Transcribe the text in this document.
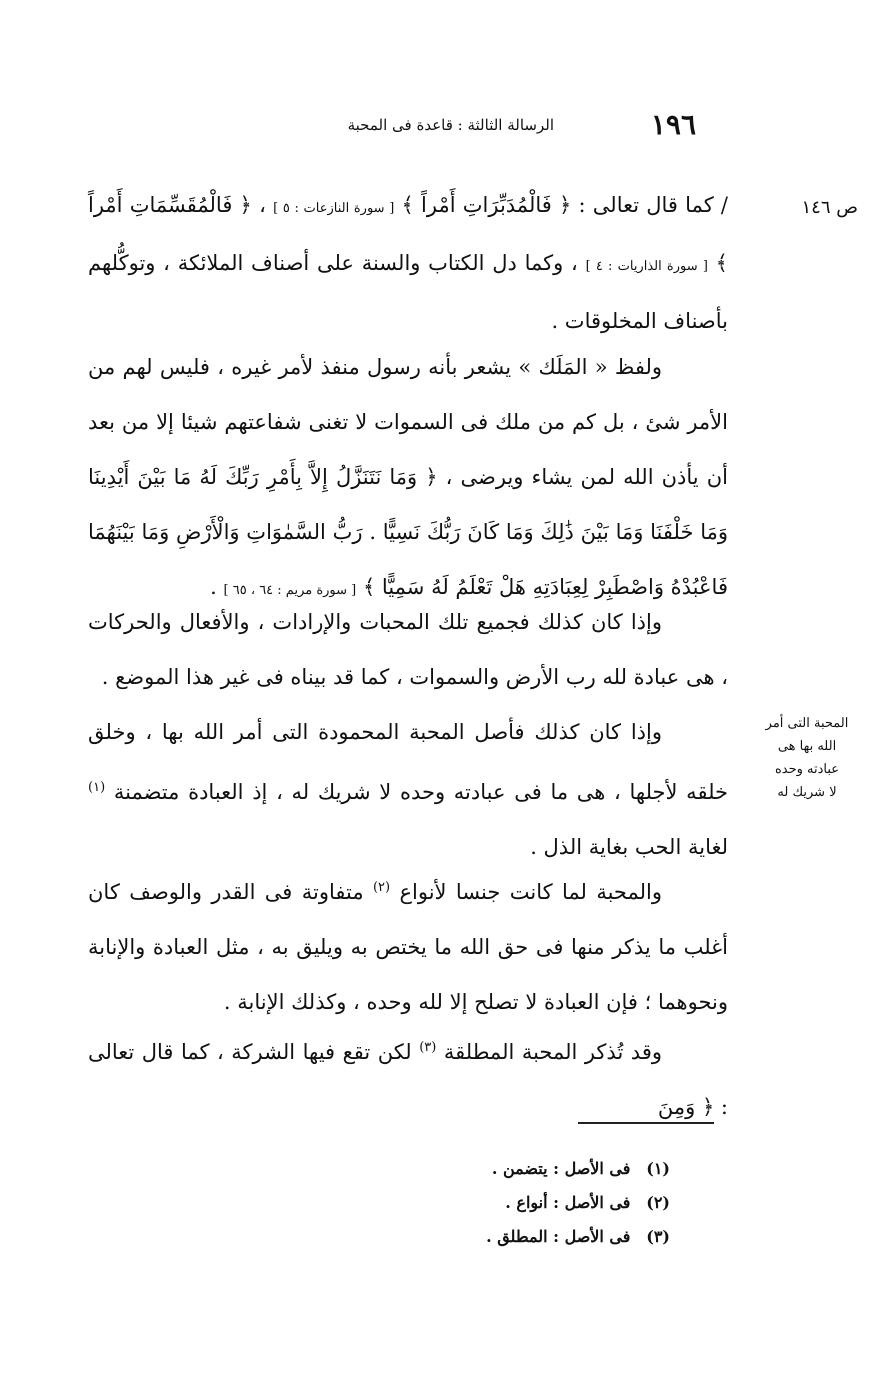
١٩٦
الرسالة الثالثة : قاعدة فى المحبة
ص ١٤٦
المحبة التى أمر
الله بها هى
عبادته وحده
لا شريك له

/ كما قال تعالى : ﴿ فَالْمُدَبِّرَاتِ أَمْراً ﴾ [ سورة النازعات : ٥ ] ، ﴿ فَالْمُقَسِّمَاتِ أَمْراً ﴾ [ سورة الذاريات : ٤ ] ، وكما دل الكتاب والسنة على أصناف الملائكة ، وتوكُّلهم بأصناف المخلوقات .

ولفظ « المَلَك » يشعر بأنه رسول منفذ لأمر غيره ، فليس لهم من الأمر شئ ، بل كم من ملك فى السموات لا تغنى شفاعتهم شيئا إلا من بعد أن يأذن الله لمن يشاء ويرضى ، ﴿ وَمَا نَتَنَزَّلُ إِلاَّ بِأَمْرِ رَبِّكَ لَهُ مَا بَيْنَ أَيْدِينَا وَمَا خَلْفَنَا وَمَا بَيْنَ ذَٰلِكَ وَمَا كَانَ رَبُّكَ نَسِيًّا . رَبُّ السَّمٰوَاتِ وَالْأَرْضِ وَمَا بَيْنَهُمَا فَاعْبُدْهُ وَاصْطَبِرْ لِعِبَادَتِهِ هَلْ تَعْلَمُ لَهُ سَمِيًّا ﴾ [ سورة مريم : ٦٤ ، ٦٥ ] .

وإذا كان كذلك فجميع تلك المحبات والإرادات ، والأفعال والحركات ، هى عبادة لله رب الأرض والسموات ، كما قد بيناه فى غير هذا الموضع .

وإذا كان كذلك فأصل المحبة المحمودة التى أمر الله بها ، وخلق خلقه لأجلها ، هى ما فى عبادته وحده لا شريك له ، إذ العبادة متضمنة $^{(١)}$ لغاية الحب بغاية الذل .

والمحبة لما كانت جنسا لأنواع $^{(٢)}$ متفاوتة فى القدر والوصف كان أغلب ما يذكر منها فى حق الله ما يختص به ويليق به ، مثل العبادة والإنابة ونحوهما ؛ فإن العبادة لا تصلح إلا لله وحده ، وكذلك الإنابة .

وقد تُذكر المحبة المطلقة $^{(٣)}$ لكن تقع فيها الشركة ، كما قال تعالى : ﴿ وَمِنَ

(١) فى الأصل : يتضمن .
(٢) فى الأصل : أنواع .
(٣) فى الأصل : المطلق .
